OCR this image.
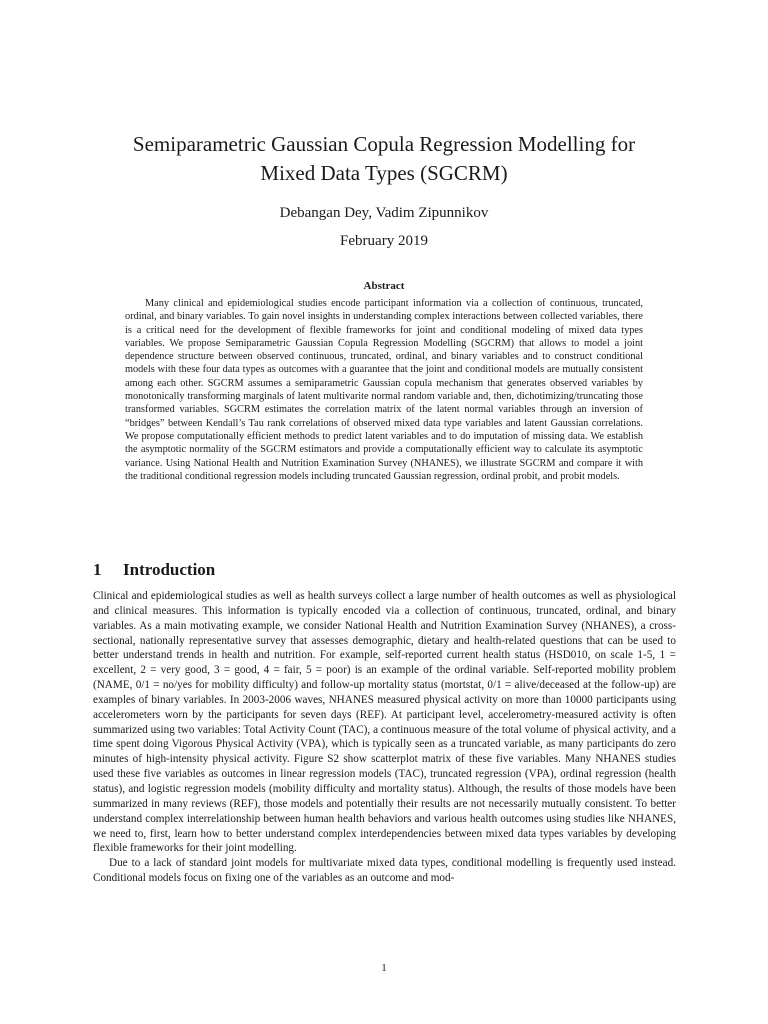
Semiparametric Gaussian Copula Regression Modelling for
Mixed Data Types (SGCRM)

Debangan Dey, Vadim Zipunnikov

February 2019

Abstract

Many clinical and epidemiological studies encode participant information via a collection of continuous, truncated, ordinal, and binary variables. To gain novel insights in understanding complex interactions between collected variables, there is a critical need for the development of flexible frameworks for joint and conditional modeling of mixed data types variables. We propose Semiparametric Gaussian Copula Regression Modelling (SGCRM) that allows to model a joint dependence structure between observed continuous, truncated, ordinal, and binary variables and to construct conditional models with these four data types as outcomes with a guarantee that the joint and conditional models are mutually consistent among each other. SGCRM assumes a semiparametric Gaussian copula mechanism that generates observed variables by monotonically transforming marginals of latent multivarite normal random variable and, then, dichotimizing/truncating those transformed variables. SGCRM estimates the correlation matrix of the latent normal variables through an inversion of “bridges” between Kendall’s Tau rank correlations of observed mixed data type variables and latent Gaussian correlations. We propose computationally efficient methods to predict latent variables and to do imputation of missing data. We establish the asymptotic normality of the SGCRM estimators and provide a computationally efficient way to calculate its asymptotic variance. Using National Health and Nutrition Examination Survey (NHANES), we illustrate SGCRM and compare it with the traditional conditional regression models including truncated Gaussian regression, ordinal probit, and probit models.

1 Introduction

Clinical and epidemiological studies as well as health surveys collect a large number of health outcomes as well as physiological and clinical measures. This information is typically encoded via a collection of continuous, truncated, ordinal, and binary variables. As a main motivating example, we consider National Health and Nutrition Examination Survey (NHANES), a cross-sectional, nationally representative survey that assesses demographic, dietary and health-related questions that can be used to better understand trends in health and nutrition. For example, self-reported current health status (HSD010, on scale 1-5, 1 = excellent, 2 = very good, 3 = good, 4 = fair, 5 = poor) is an example of the ordinal variable. Self-reported mobility problem (NAME, 0/1 = no/yes for mobility difficulty) and follow-up mortality status (mortstat, 0/1 = alive/deceased at the follow-up) are examples of binary variables. In 2003-2006 waves, NHANES measured physical activity on more than 10000 participants using accelerometers worn by the participants for seven days (REF). At participant level, accelerometry-measured activity is often summarized using two variables: Total Activity Count (TAC), a continuous measure of the total volume of physical activity, and a time spent doing Vigorous Physical Activity (VPA), which is typically seen as a truncated variable, as many participants do zero minutes of high-intensity physical activity. Figure S2 show scatterplot matrix of these five variables. Many NHANES studies used these five variables as outcomes in linear regression models (TAC), truncated regression (VPA), ordinal regression (health status), and logistic regression models (mobility difficulty and mortality status). Although, the results of those models have been summarized in many reviews (REF), those models and potentially their results are not necessarily mutually consistent. To better understand complex interrelationship between human health behaviors and various health outcomes using studies like NHANES, we need to, first, learn how to better understand complex interdependencies between mixed data types variables by developing flexible frameworks for their joint modelling.

Due to a lack of standard joint models for multivariate mixed data types, conditional modelling is frequently used instead. Conditional models focus on fixing one of the variables as an outcome and mod-

1
